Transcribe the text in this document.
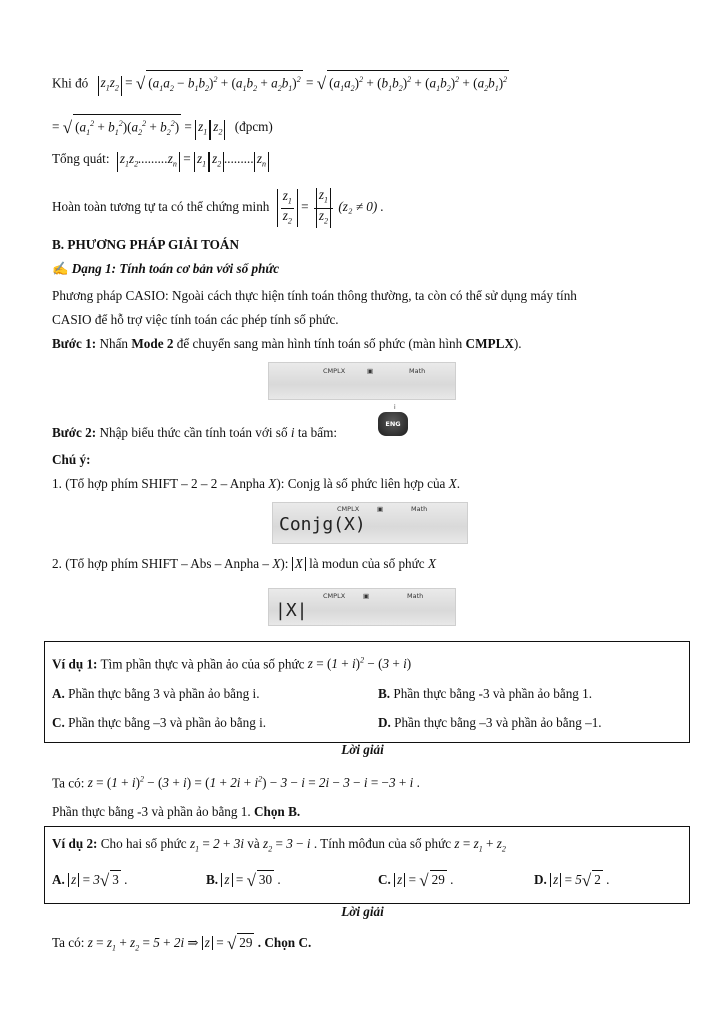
Khi đó $z_1z_2$ = √ $(a_1a_2 - b_1b_2)^2 + (a_1b_2 + a_2b_1)^2$ = √ $(a_1a_2)^2 + (b_1b_2)^2 + (a_1b_2)^2 + (a_2b_1)^2$
= √ $(a_1^2 + b_1^2)(a_2^2 + b_2^2) = z_1$ $z_2$ (đpcm)
Tổng quát: $z_1z_2.........z_n = z_1$ $z_2$ ......... $z_n$
Hoàn toàn tương tự ta có thể chứng minh $\frac{z_1}{z_2} = \frac{z_1}{z_2} (z_2 \ne 0)$ .
B. PHƯƠNG PHÁP GIẢI TOÁN
✍ Dạng 1: Tính toán cơ bản với số phức
Phương pháp CASIO: Ngoài cách thực hiện tính toán thông thường, ta còn có thể sử dụng máy tính
CASIO để hỗ trợ việc tính toán các phép tính số phức.
Bước 1: Nhấn Mode 2 để chuyển sang màn hình tính toán số phức (màn hình CMPLX).
CMPLX	▣	Math
Bước 2: Nhập biểu thức cần tính toán với số i ta bấm:
i
ENG
Chú ý:
1. (Tổ hợp phím SHIFT – 2 – 2 – Anpha X): Conjg là số phức liên hợp của X.
CMPLX	▣	Math
Conjg(X)
2. (Tổ hợp phím SHIFT – Abs – Anpha – X): X là modun của số phức X
CMPLX	▣	Math
|X|
Ví dụ 1: Tìm phần thực và phần ảo của số phức $z = (1 + i)^2 - (3 + i)$
A. Phần thực bằng 3 và phần ảo bằng i.	B. Phần thực bằng -3 và phần ảo bằng 1.
C. Phần thực bằng –3 và phần ảo bằng i.	D. Phần thực bằng –3 và phần ảo bằng –1.
Lời giải
Ta có: $z = (1 + i)^2 - (3 + i) = (1 + 2i + i^2) - 3 - i = 2i - 3 - i = -3 + i$ .
Phần thực bằng -3 và phần ảo bằng 1. Chọn B.
Ví dụ 2: Cho hai số phức $z_1 = 2 + 3i$ và $z_2 = 3 - i$ . Tính môđun của số phức $z = z_1 + z_2$
A. z = 3√ 3 .	B. z = √ 30 .	C. z = √ 29 .	D. z = 5√ 2 .
Lời giải
Ta có: $z = z_1 + z_2 = 5 + 2i$ ⇒ z = √ 29 . Chọn C.
